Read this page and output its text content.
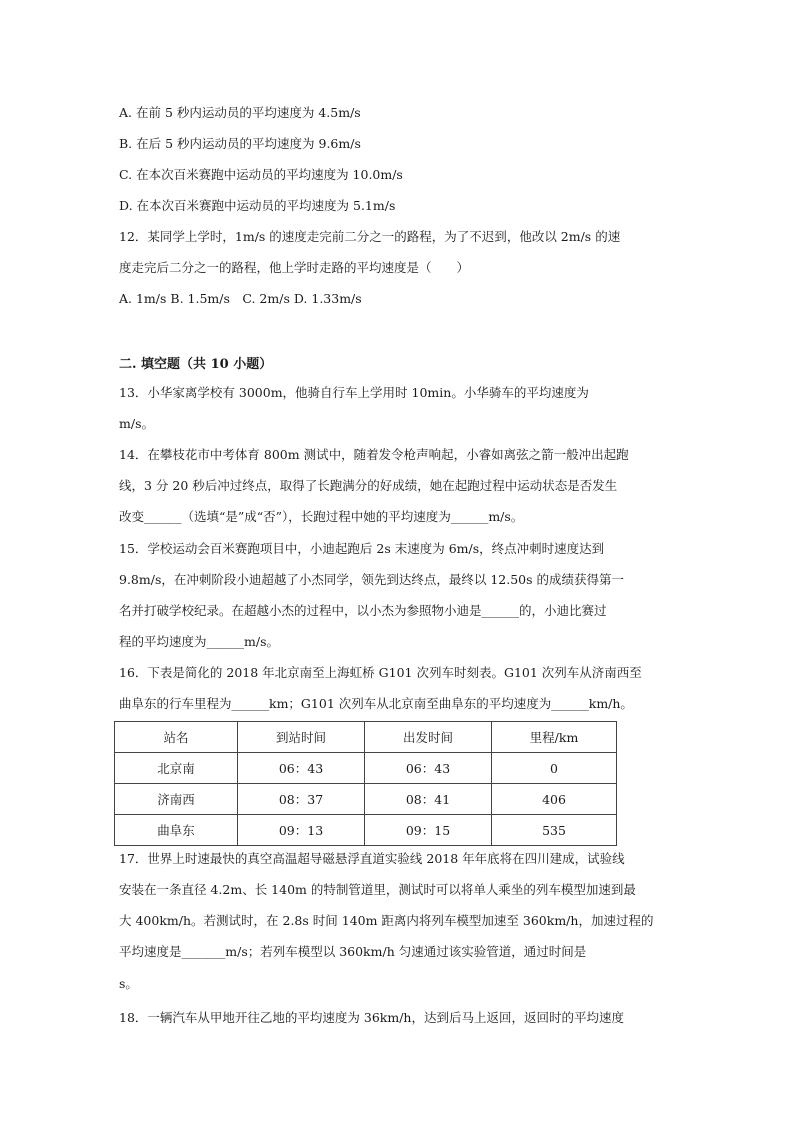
A. 在前 5 秒内运动员的平均速度为 4.5m/s
B. 在后 5 秒内运动员的平均速度为 9.6m/s
C. 在本次百米赛跑中运动员的平均速度为 10.0m/s
D. 在本次百米赛跑中运动员的平均速度为 5.1m/s
12．某同学上学时，1m/s 的速度走完前二分之一的路程，为了不迟到，他改以 2m/s 的速
度走完后二分之一的路程，他上学时走路的平均速度是（　　）
A. 1m/s B. 1.5m/s　C. 2m/s D. 1.33m/s
二. 填空题（共 10 小题）
13．小华家离学校有 3000m，他骑自行车上学用时 10min。小华骑车的平均速度为
m/s。
14．在攀枝花市中考体育 800m 测试中，随着发令枪声响起，小睿如离弦之箭一般冲出起跑
线，3 分 20 秒后冲过终点，取得了长跑满分的好成绩，她在起跑过程中运动状态是否发生
改变______（选填“是”成“否”），长跑过程中她的平均速度为______m/s。
15．学校运动会百米赛跑项目中，小迪起跑后 2s 末速度为 6m/s，终点冲刺时速度达到
9.8m/s，在冲刺阶段小迪超越了小杰同学，领先到达终点，最终以 12.50s 的成绩获得第一
名并打破学校纪录。在超越小杰的过程中，以小杰为参照物小迪是______的，小迪比赛过
程的平均速度为______m/s。
16．下表是简化的 2018 年北京南至上海虹桥 G101 次列车时刻表。G101 次列车从济南西至
曲阜东的行车里程为______km；G101 次列车从北京南至曲阜东的平均速度为______km/h。
站名	到站时间	出发时间	里程/km
北京南	06：43	06：43	0
济南西	08：37	08：41	406
曲阜东	09：13	09：15	535
17．世界上时速最快的真空高温超导磁悬浮直道实验线 2018 年年底将在四川建成，试验线
安装在一条直径 4.2m、长 140m 的特制管道里，测试时可以将单人乘坐的列车模型加速到最
大 400km/h。若测试时，在 2.8s 时间 140m 距离内将列车模型加速至 360km/h，加速过程的
平均速度是_______m/s；若列车模型以 360km/h 匀速通过该实验管道，通过时间是
s。
18．一辆汽车从甲地开往乙地的平均速度为 36km/h，达到后马上返回，返回时的平均速度
